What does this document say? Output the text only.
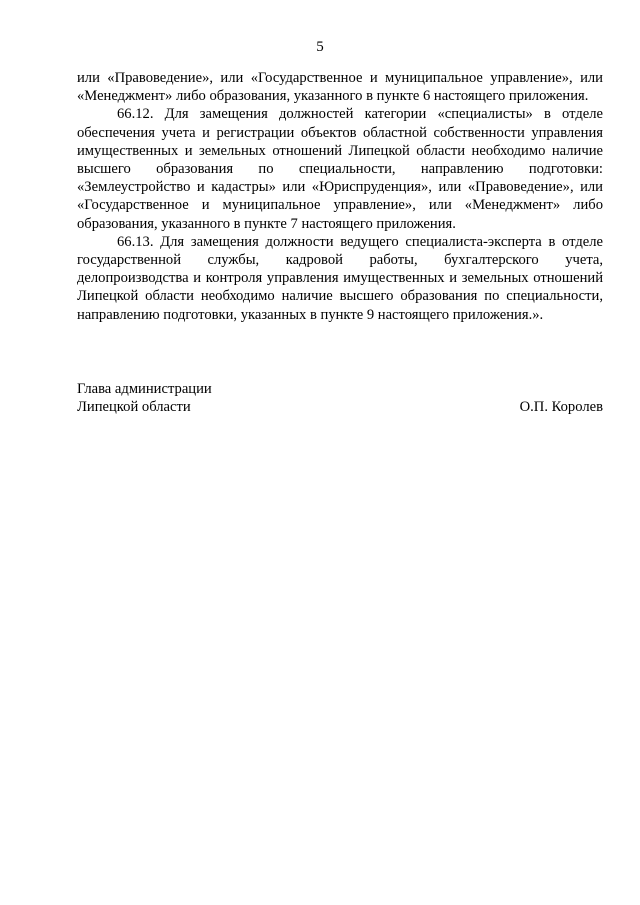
5

или «Правоведение», или «Государственное и муниципальное управление», или «Менеджмент» либо образования, указанного в пункте 6 настоящего приложения.

66.12. Для замещения должностей категории «специалисты» в отделе обеспечения учета и регистрации объектов областной собственности управления имущественных и земельных отношений Липецкой области необходимо наличие высшего образования по специальности, направлению подготовки: «Землеустройство и кадастры» или «Юриспруденция», или «Правоведение», или «Государственное и муниципальное управление», или «Менеджмент» либо образования, указанного в пункте 7 настоящего приложения.

66.13. Для замещения должности ведущего специалиста-эксперта в отделе государственной службы, кадровой работы, бухгалтерского учета, делопроизводства и контроля управления имущественных и земельных отношений Липецкой области необходимо наличие высшего образования по специальности, направлению подготовки, указанных в пункте 9 настоящего приложения.».

Глава администрации
Липецкой области	О.П. Королев
